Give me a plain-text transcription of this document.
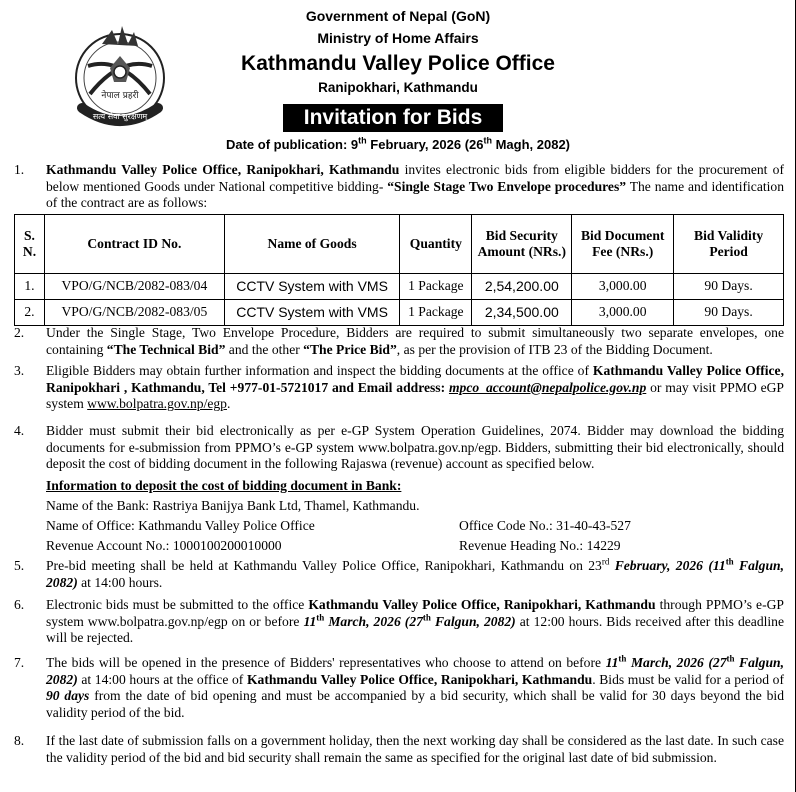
नेपाल प्रहरी
सत्य सेवा सुरक्षणम्
Government of Nepal (GoN)
Ministry of Home Affairs
Kathmandu Valley Police Office
Ranipokhari, Kathmandu
Invitation for Bids
Date of publication: 9th February, 2026 (26th Magh, 2082)
1.	Kathmandu Valley Police Office, Ranipokhari, Kathmandu invites electronic bids from eligible bidders for the procurement of below mentioned Goods under National competitive bidding- “Single Stage Two Envelope procedures” The name and identification of the contract are as follows:
S. N.	Contract ID No.	Name of Goods	Quantity	Bid Security Amount (NRs.)	Bid Document Fee (NRs.)	Bid Validity Period
1.	VPO/G/NCB/2082-083/04	CCTV System with VMS	1 Package	2,54,200.00	3,000.00	90 Days.
2.	VPO/G/NCB/2082-083/05	CCTV System with VMS	1 Package	2,34,500.00	3,000.00	90 Days.
2.	Under the Single Stage, Two Envelope Procedure, Bidders are required to submit simultaneously two separate envelopes, one containing “The Technical Bid” and the other “The Price Bid”, as per the provision of ITB 23 of the Bidding Document.
3.	Eligible Bidders may obtain further information and inspect the bidding documents at the office of Kathmandu Valley Police Office, Ranipokhari , Kathmandu, Tel +977-01-5721017 and Email address: mpco_account@nepalpolice.gov.np or may visit PPMO eGP system www.bolpatra.gov.np/egp.
4.	Bidder must submit their bid electronically as per e-GP System Operation Guidelines, 2074. Bidder may download the bidding documents for e-submission from PPMO’s e-GP system www.bolpatra.gov.np/egp. Bidders, submitting their bid electronically, should deposit the cost of bidding document in the following Rajaswa (revenue) account as specified below.
Information to deposit the cost of bidding document in Bank:
Name of the Bank: Rastriya Banijya Bank Ltd, Thamel, Kathmandu.
Name of Office: Kathmandu Valley Police Office	Office Code No.: 31-40-43-527
Revenue Account No.: 1000100200010000	Revenue Heading No.: 14229
5.	Pre-bid meeting shall be held at Kathmandu Valley Police Office, Ranipokhari, Kathmandu on 23rd February, 2026 (11th Falgun, 2082) at 14:00 hours.
6.	Electronic bids must be submitted to the office Kathmandu Valley Police Office, Ranipokhari, Kathmandu through PPMO’s e-GP system www.bolpatra.gov.np/egp on or before 11th March, 2026 (27th Falgun, 2082) at 12:00 hours. Bids received after this deadline will be rejected.
7.	The bids will be opened in the presence of Bidders' representatives who choose to attend on before 11th March, 2026 (27th Falgun, 2082) at 14:00 hours at the office of Kathmandu Valley Police Office, Ranipokhari, Kathmandu. Bids must be valid for a period of 90 days from the date of bid opening and must be accompanied by a bid security, which shall be valid for 30 days beyond the bid validity period of the bid.
8.	If the last date of submission falls on a government holiday, then the next working day shall be considered as the last date. In such case the validity period of the bid and bid security shall remain the same as specified for the original last date of bid submission.
